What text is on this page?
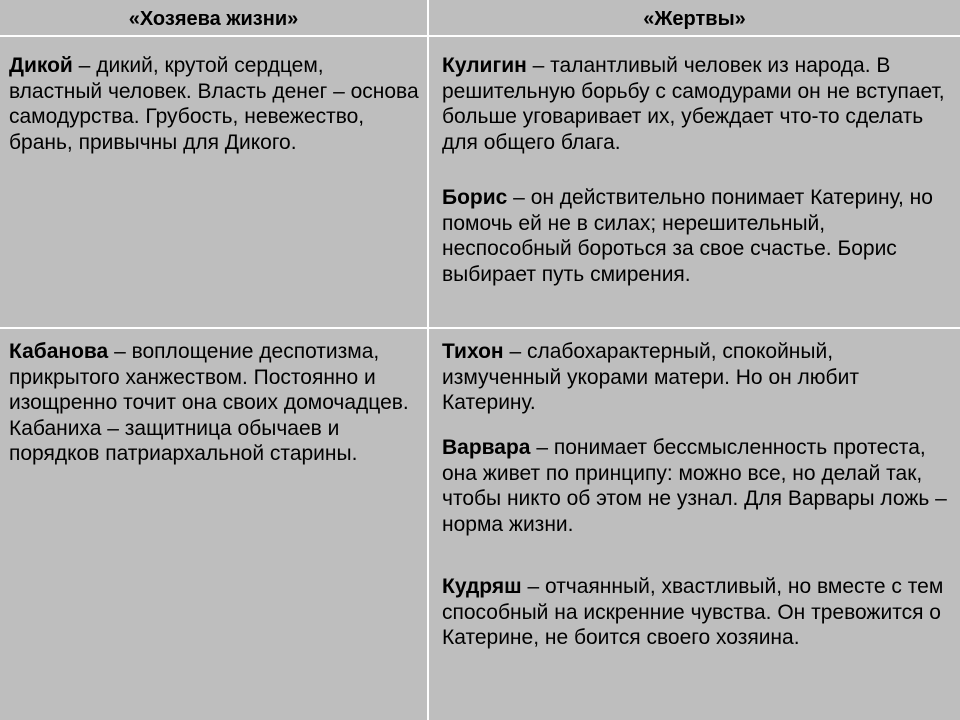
«Хозяева жизни»	«Жертвы»
Дикой – дикий, крутой сердцем, властный человек. Власть денег – основа самодурства. Грубость, невежество, брань, привычны для Дикого.
Кабанова – воплощение деспотизма, прикрытого ханжеством. Постоянно и изощренно точит она своих домочадцев. Кабаниха – защитница обычаев и порядков патриархальной старины.
Кулигин – талантливый человек из народа. В решительную борьбу с самодурами он не вступает, больше уговаривает их, убеждает что-то сделать для общего блага.
Борис – он действительно понимает Катерину, но помочь ей не в силах; нерешительный, неспособный бороться за свое счастье. Борис выбирает путь смирения.
Тихон – слабохарактерный, спокойный, измученный укорами матери. Но он любит Катерину.
Варвара – понимает бессмысленность протеста, она живет по принципу: можно все, но делай так, чтобы никто об этом не узнал. Для Варвары ложь – норма жизни.
Кудряш – отчаянный, хвастливый, но вместе с тем способный на искренние чувства. Он тревожится о Катерине, не боится своего хозяина.
